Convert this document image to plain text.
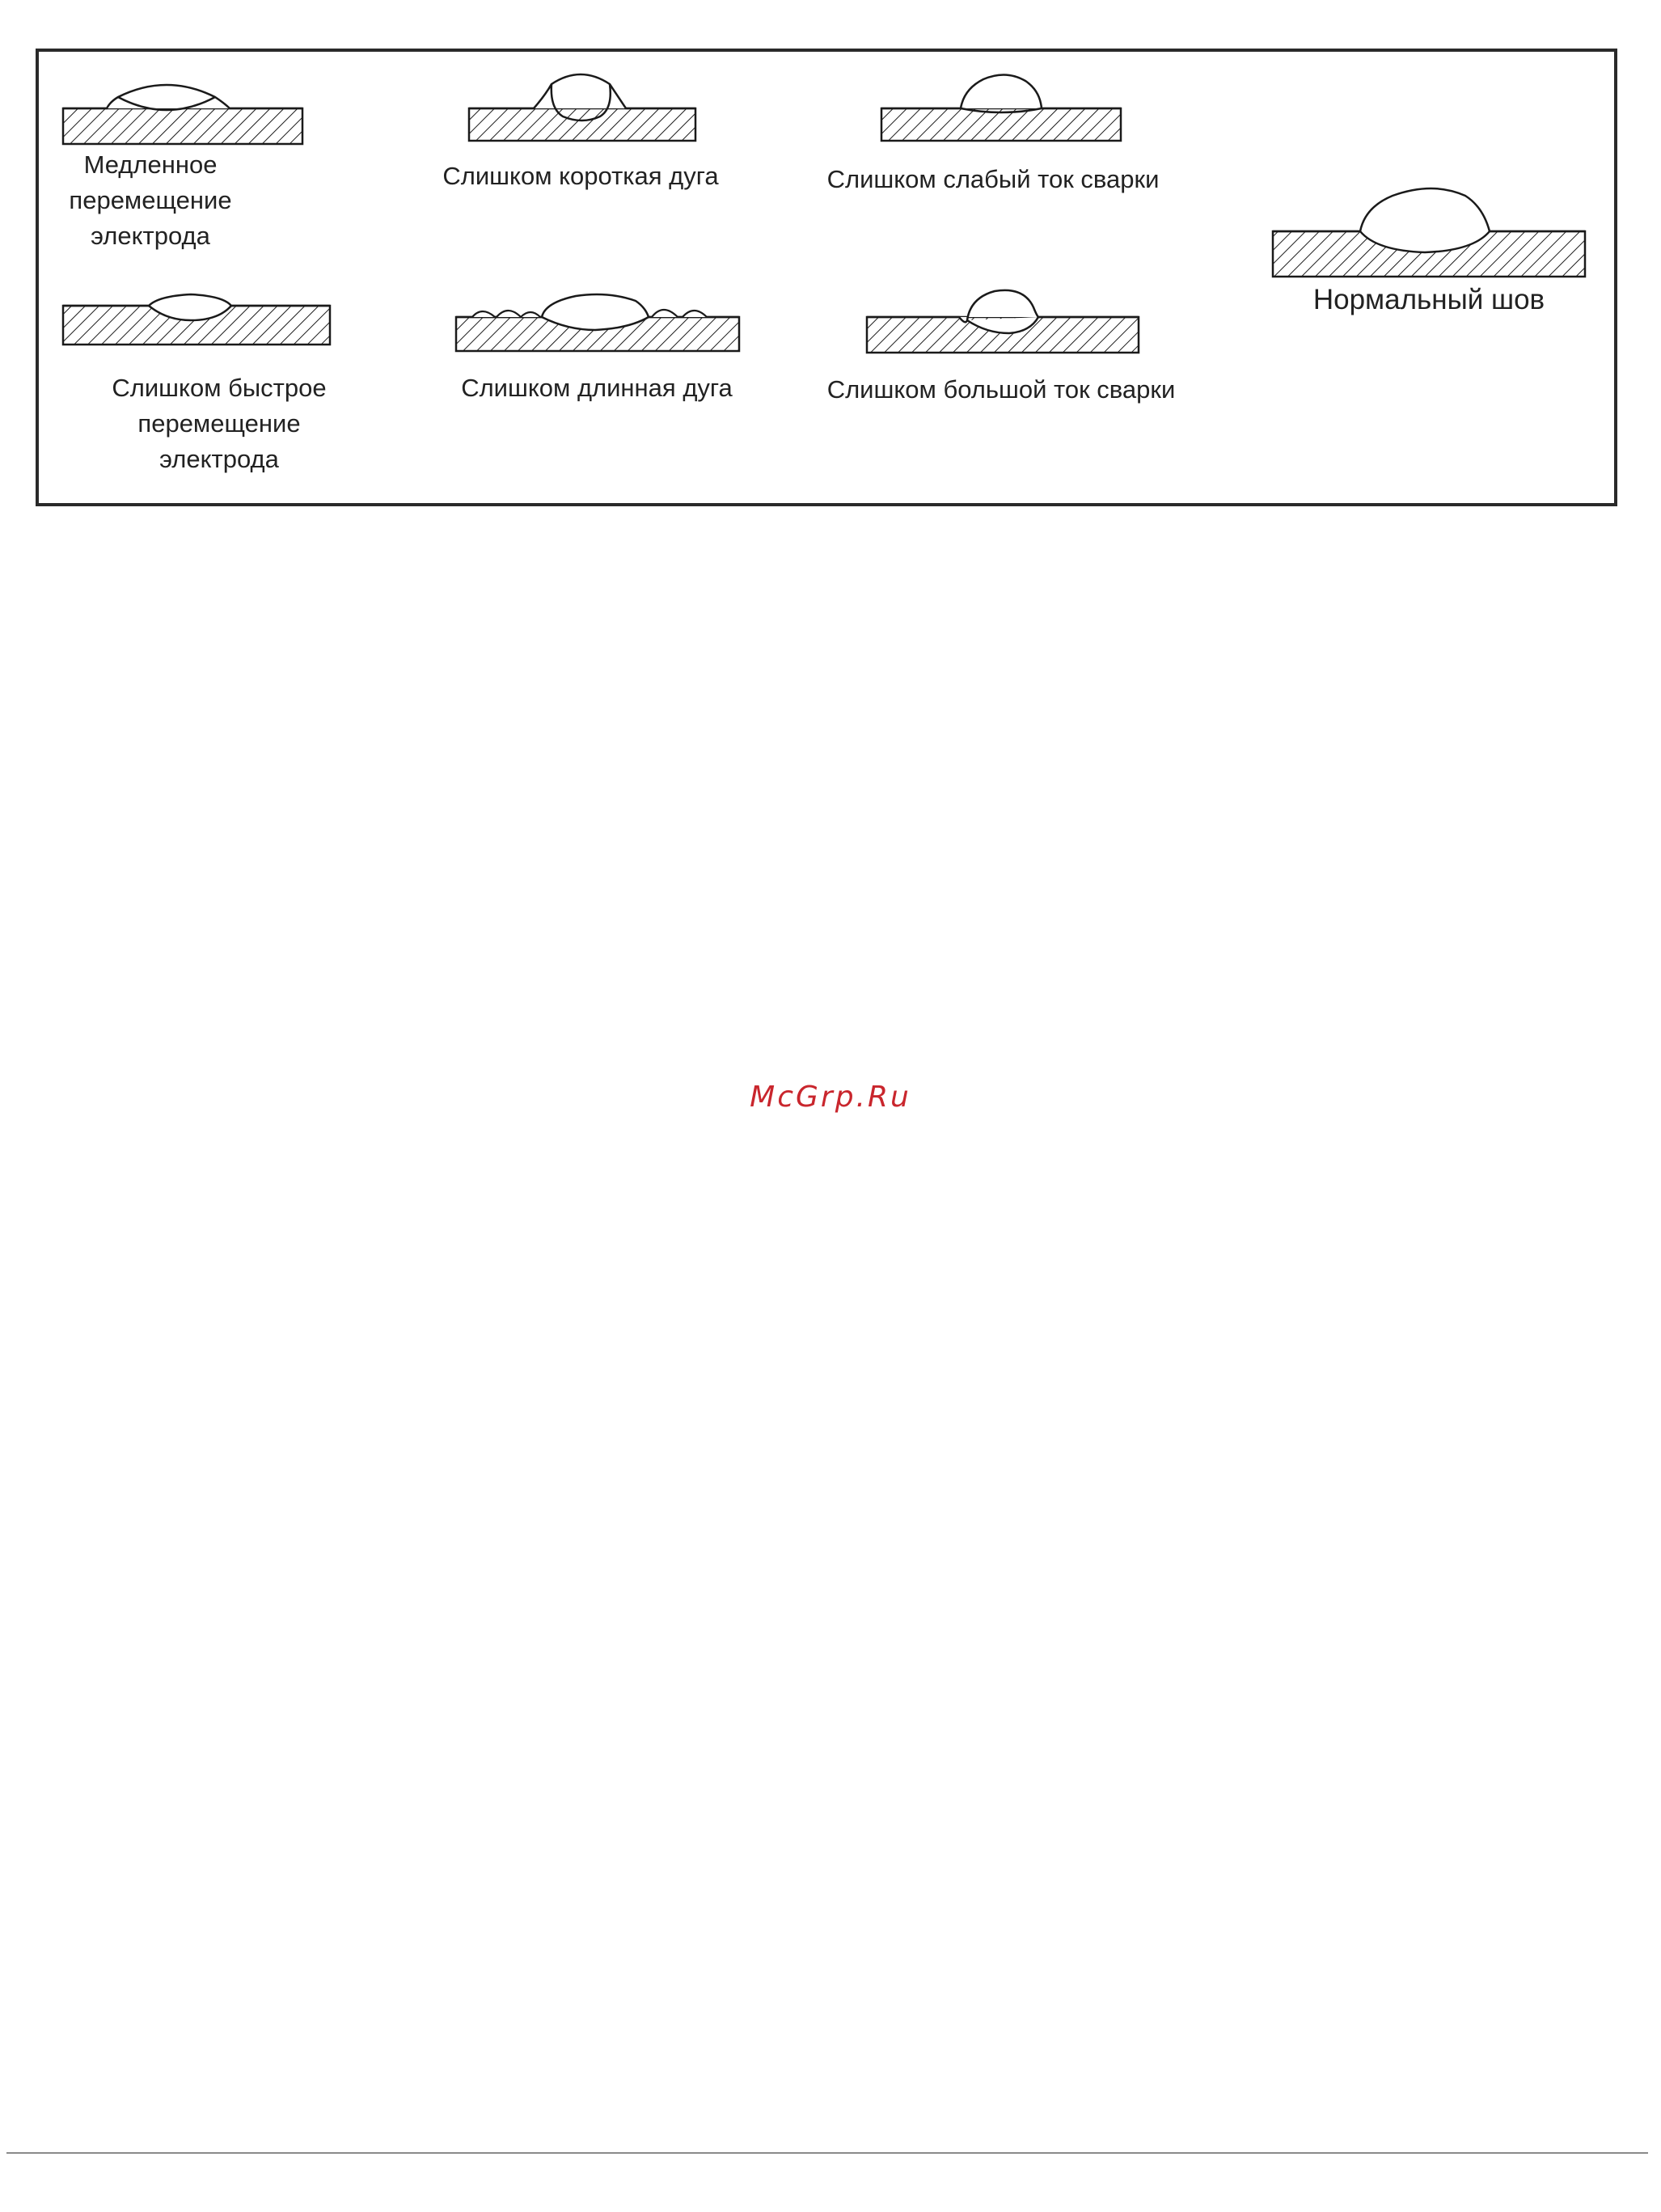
Медленное
перемещение
электрода
Слишком короткая дуга	Слишком слабый ток сварки
Нормальный шов
Слишком быстрое
перемещение
электрода
Слишком длинная дуга	Слишком большой ток сварки
McGrp.Ru
